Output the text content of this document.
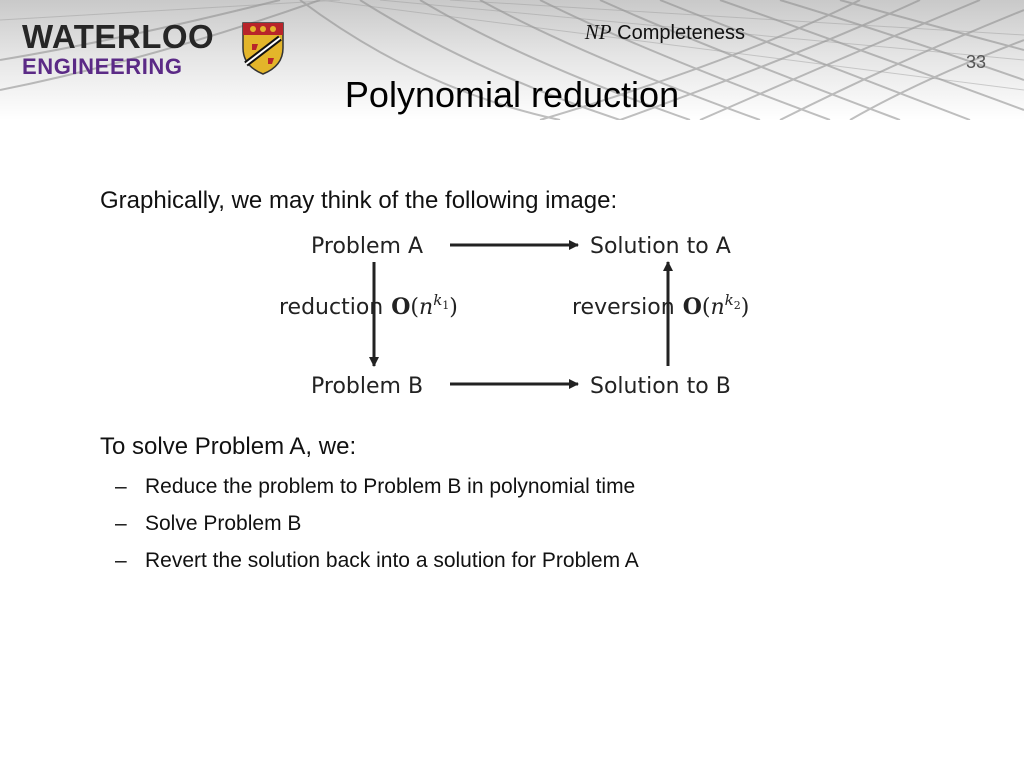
WATERLOO
ENGINEERING
NP Completeness
33
Polynomial reduction
Graphically, we may think of the following image:
Problem A	Solution to A
Problem B	Solution to B
reduction $O(nk_1)$	reversion $O(nk_2)$
To solve Problem A, we:
– Reduce the problem to Problem B in polynomial time
– Solve Problem B
– Revert the solution back into a solution for Problem A
